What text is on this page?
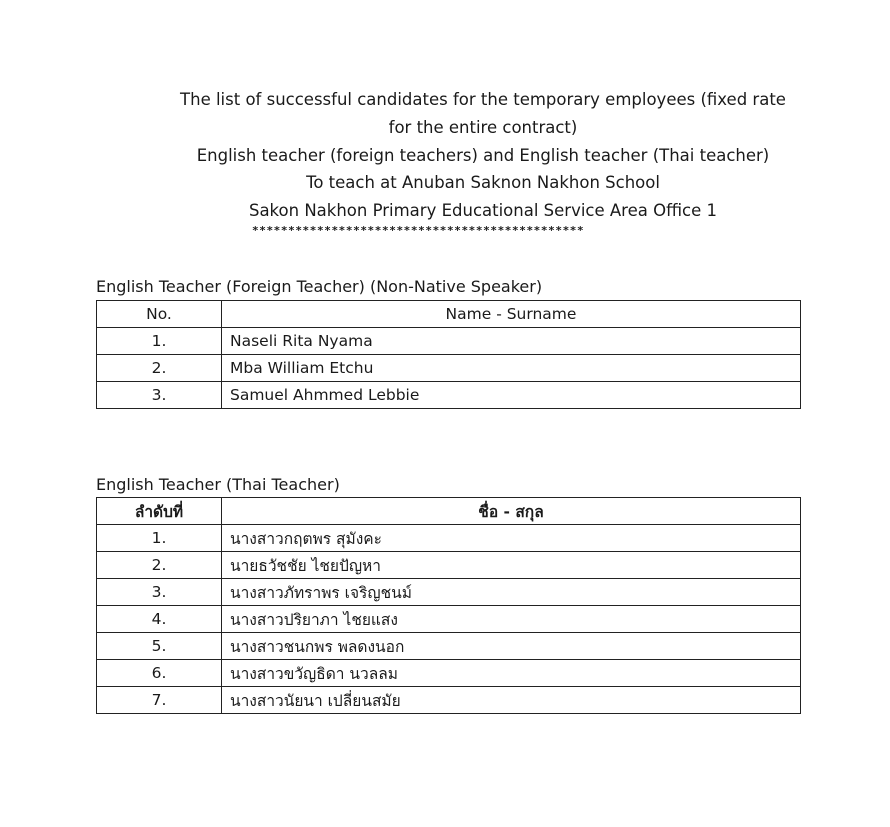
The list of successful candidates for the temporary employees (fixed rate
for the entire contract)
English teacher (foreign teachers) and English teacher (Thai teacher)
To teach at Anuban Saknon Nakhon School
Sakon Nakhon Primary Educational Service Area Office 1
**********************************************
English Teacher (Foreign Teacher) (Non-Native Speaker)
No.	Name - Surname
1.	Naseli Rita Nyama
2.	Mba William Etchu
3.	Samuel Ahmmed Lebbie
English Teacher (Thai Teacher)
ลำดับที่	ชื่อ - สกุล
1.	นางสาวกฤตพร สุมังคะ
2.	นายธวัชชัย ไชยปัญหา
3.	นางสาวภัทราพร เจริญชนม์
4.	นางสาวปริยาภา ไชยแสง
5.	นางสาวชนกพร พลดงนอก
6.	นางสาวขวัญธิดา นวลลม
7.	นางสาวนัยนา เปลี่ยนสมัย
